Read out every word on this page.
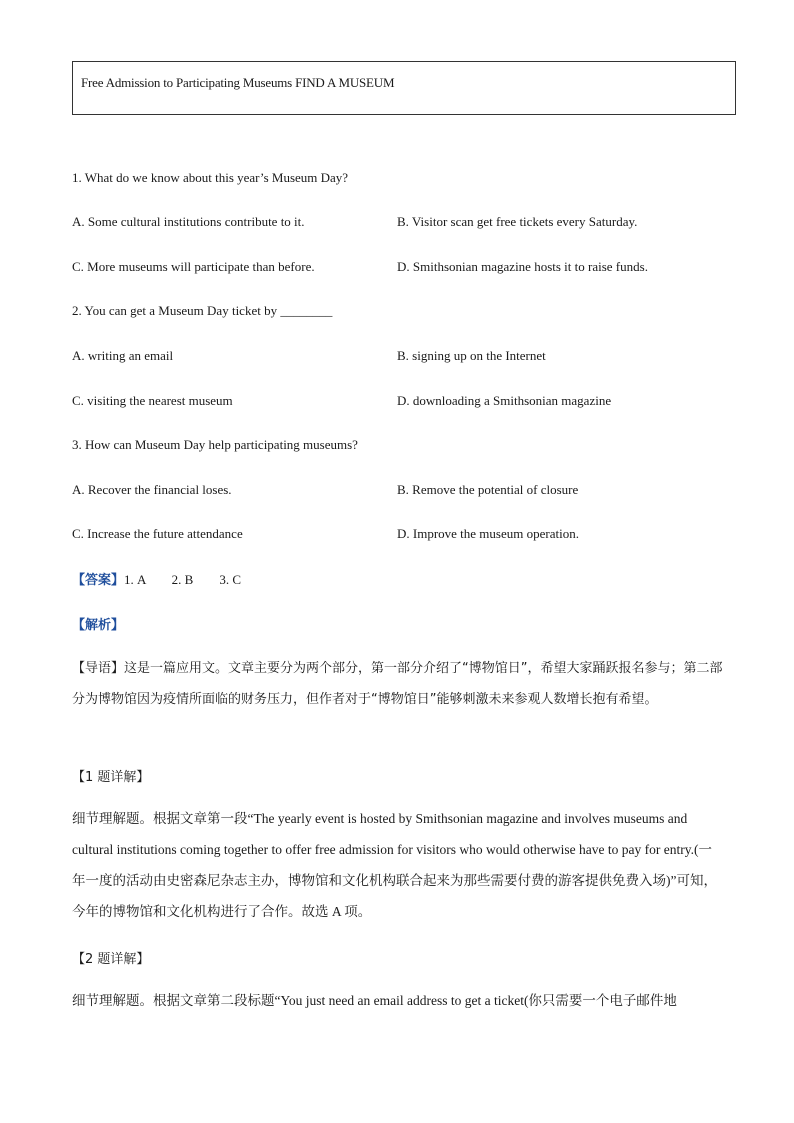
Free Admission to Participating Museums FIND A MUSEUM
1. What do we know about this year’s Museum Day?
A. Some cultural institutions contribute to it.	B. Visitor scan get free tickets every Saturday.
C. More museums will participate than before.	D. Smithsonian magazine hosts it to raise funds.
2. You can get a Museum Day ticket by ________
A. writing an email	B. signing up on the Internet
C. visiting the nearest museum	D. downloading a Smithsonian magazine
3. How can Museum Day help participating museums?
A. Recover the financial loses.	B. Remove the potential of closure
C. Increase the future attendance	D. Improve the museum operation.
【答案】1. A        2. B        3. C
【解析】
【导语】这是一篇应用文。文章主要分为两个部分，第一部分介绍了“博物馆日”，希望大家踊跃报名参与；第二部分为博物馆因为疫情所面临的财务压力，但作者对于“博物馆日”能够刺激未来参观人数增长抱有希望。
【1 题详解】
细节理解题。根据文章第一段“The yearly event is hosted by Smithsonian magazine and involves museums and cultural institutions coming together to offer free admission for visitors who would otherwise have to pay for entry.(一年一度的活动由史密森尼杂志主办，博物馆和文化机构联合起来为那些需要付费的游客提供免费入场)”可知，今年的博物馆和文化机构进行了合作。故选 A 项。
【2 题详解】
细节理解题。根据文章第二段标题“You just need an email address to get a ticket(你只需要一个电子邮件地
